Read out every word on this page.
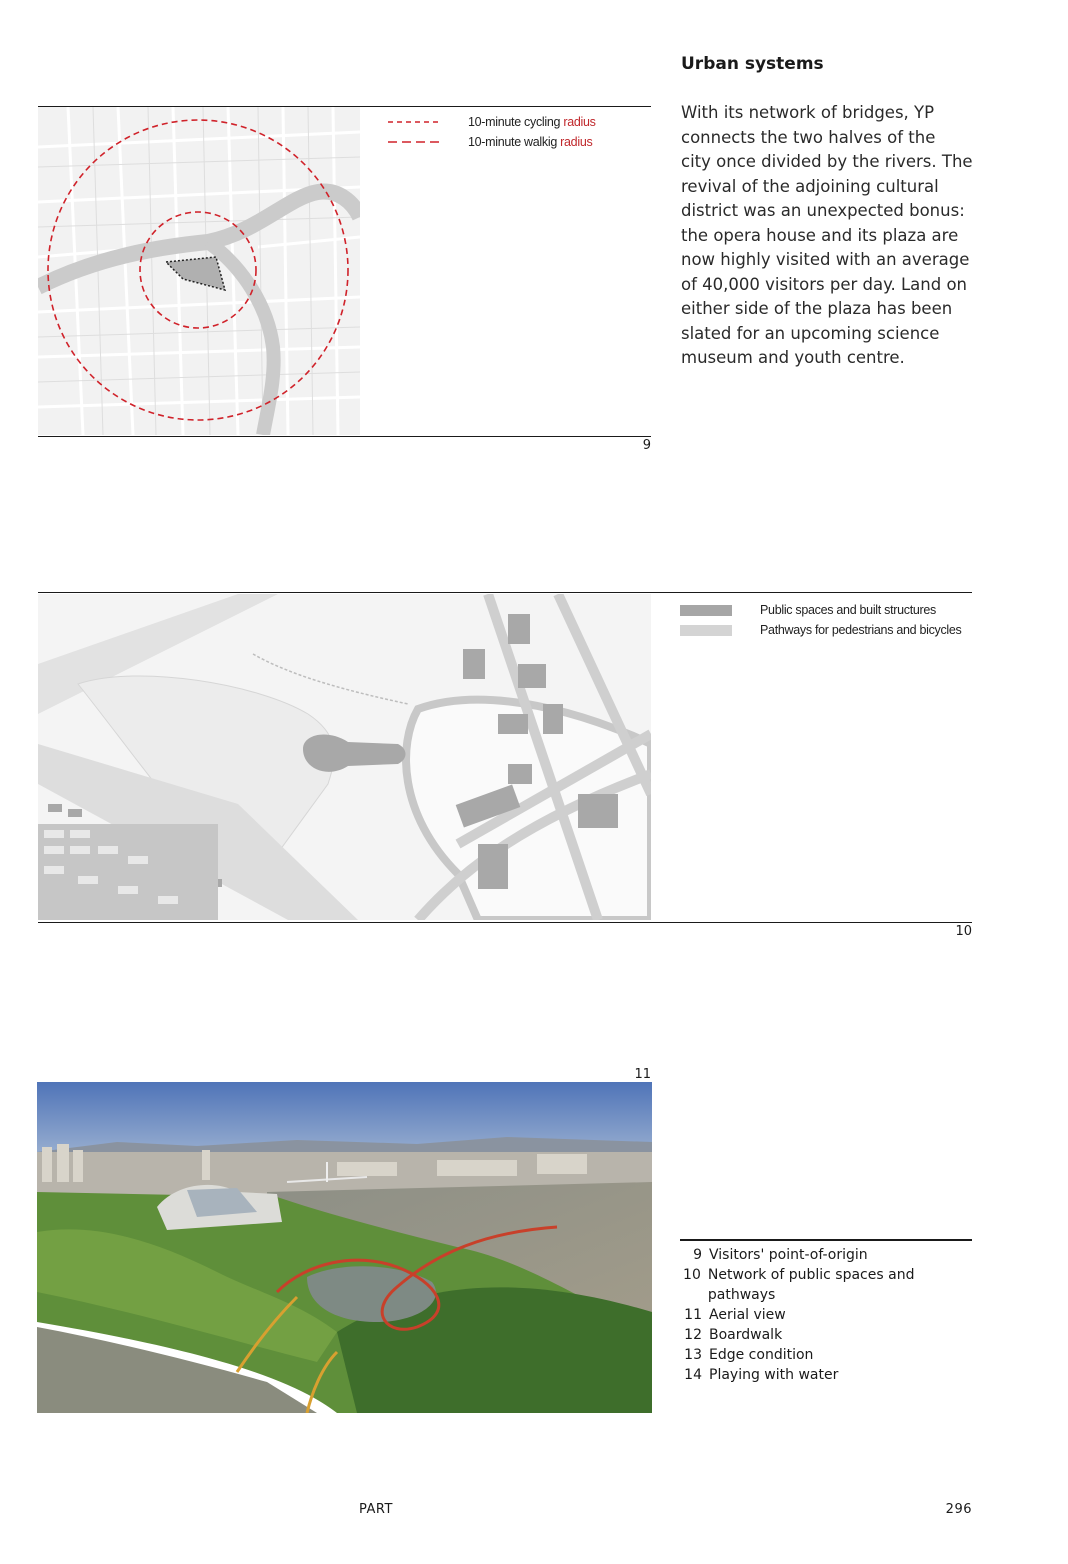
Urban systems
With its network of bridges, YP
connects the two halves of the
city once divided by the rivers. The
revival of the adjoining cultural
district was an unexpected bonus:
the opera house and its plaza are
now highly visited with an average
of 40,000 visitors per day. Land on
either side of the plaza has been
slated for an upcoming science
museum and youth centre.
10-minute cycling radius
10-minute walkig radius
9
Public spaces and built structures
Pathways for pedestrians and bicycles
10
11
9 Visitors' point-of-origin
10 Network of public spaces and pathways
11 Aerial view
12 Boardwalk
13 Edge condition
14 Playing with water
PART	296
